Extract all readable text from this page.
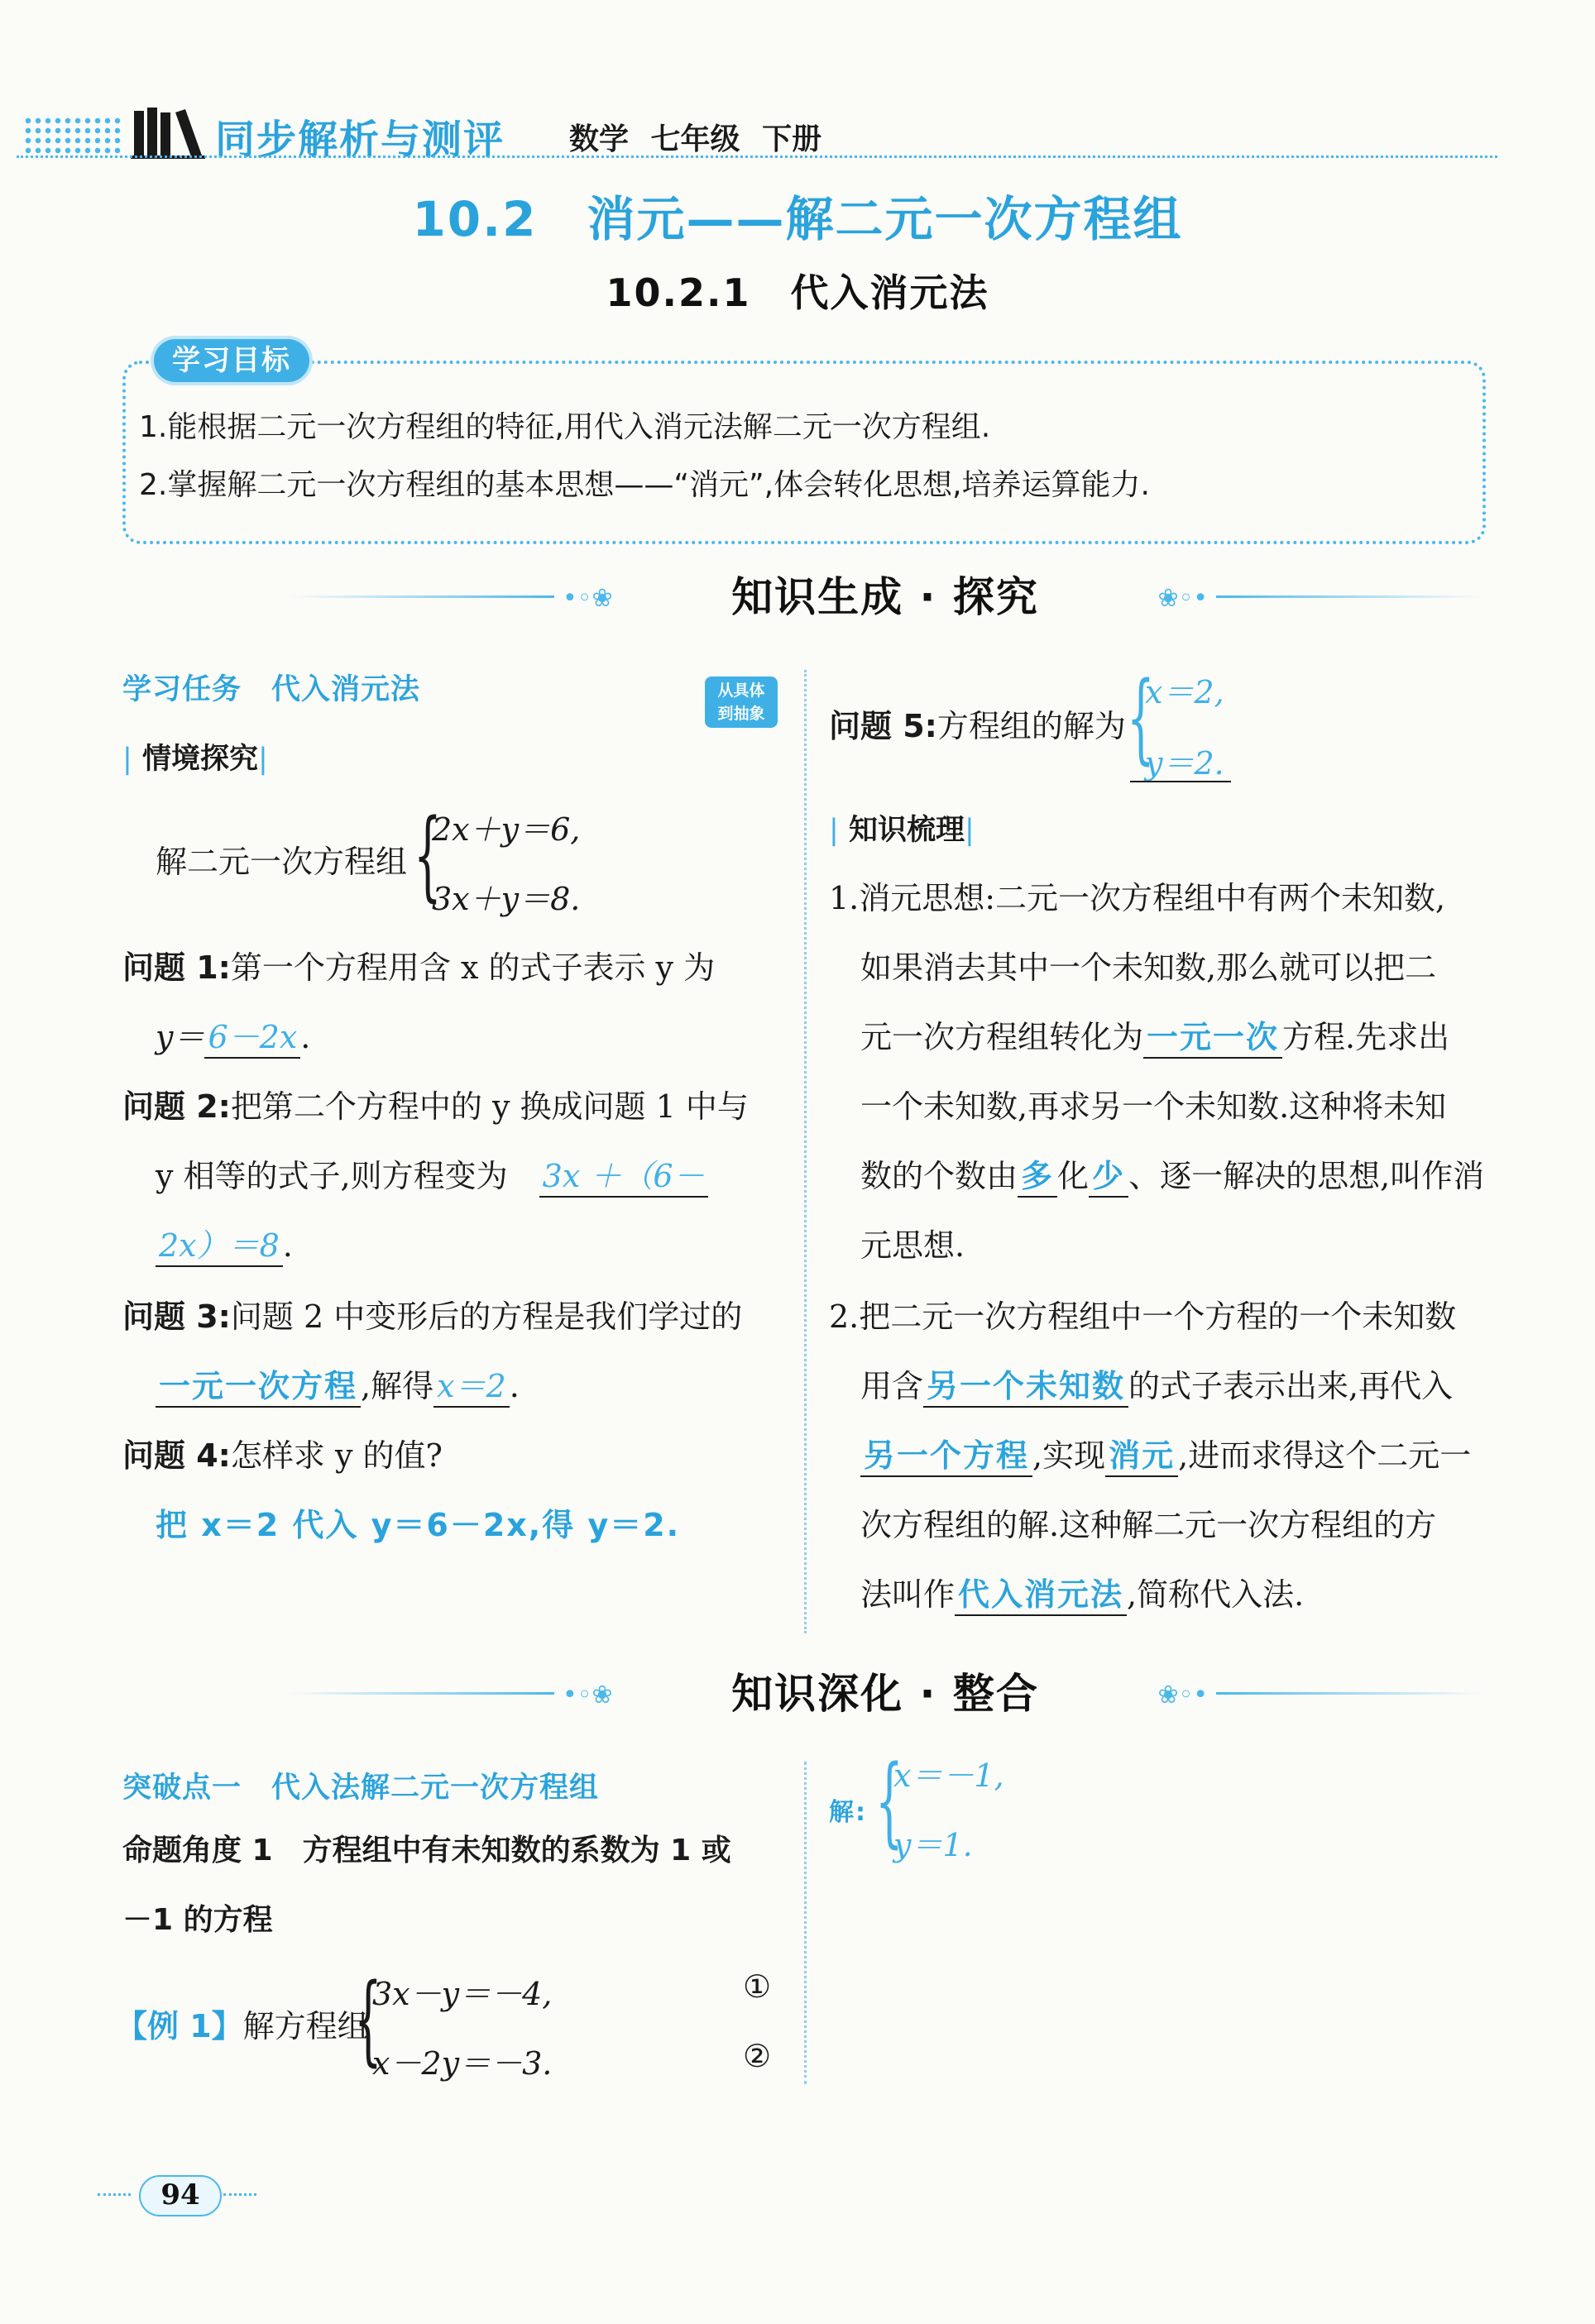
同步解析与测评 数学 七年级 下册
10.2　消元——解二元一次方程组
10.2.1　代入消元法
学习目标
1.能根据二元一次方程组的特征,用代入消元法解二元一次方程组.
2.掌握解二元一次方程组的基本思想——“消元”,体会转化思想,培养运算能力.
•◦❀	知识生成 · 探究	❀◦•
学习任务　代入消元法	从具体
到抽象
| 情境探究|
解二元一次方程组 {
2x＋y＝6,
3x＋y＝8.
问题 1:第一个方程用含 x 的式子表示 y 为
y＝ 6－2x .
问题 2:把第二个方程中的 y 换成问题 1 中与
y 相等的式子,则方程变为　 3x ＋（6－
2x）＝8 .
问题 3:问题 2 中变形后的方程是我们学过的
一元一次方程 ,解得 x＝2 .
问题 4:怎样求 y 的值?
把 x＝2 代入 y＝6－2x,得 y＝2.
问题 5:方程组的解为 {
x＝2,
y＝2.
| 知识梳理|
1.消元思想:二元一次方程组中有两个未知数,
如果消去其中一个未知数,那么就可以把二
元一次方程组转化为 一元一次 方程.先求出
一个未知数,再求另一个未知数.这种将未知
数的个数由 多 化 少 、逐一解决的思想,叫作消
元思想.
2.把二元一次方程组中一个方程的一个未知数
用含 另一个未知数 的式子表示出来,再代入
另一个方程 ,实现 消元 ,进而求得这个二元一
次方程组的解.这种解二元一次方程组的方
法叫作 代入消元法 ,简称代入法.
•◦❀	知识深化 · 整合	❀◦•
突破点一　代入法解二元一次方程组
命题角度 1　方程组中有未知数的系数为 1 或
－1 的方程
【例 1】解方程组
{
3x－y＝－4,
x－2y＝－3.
①
②
解: {
x＝－1,
y＝1.
94
